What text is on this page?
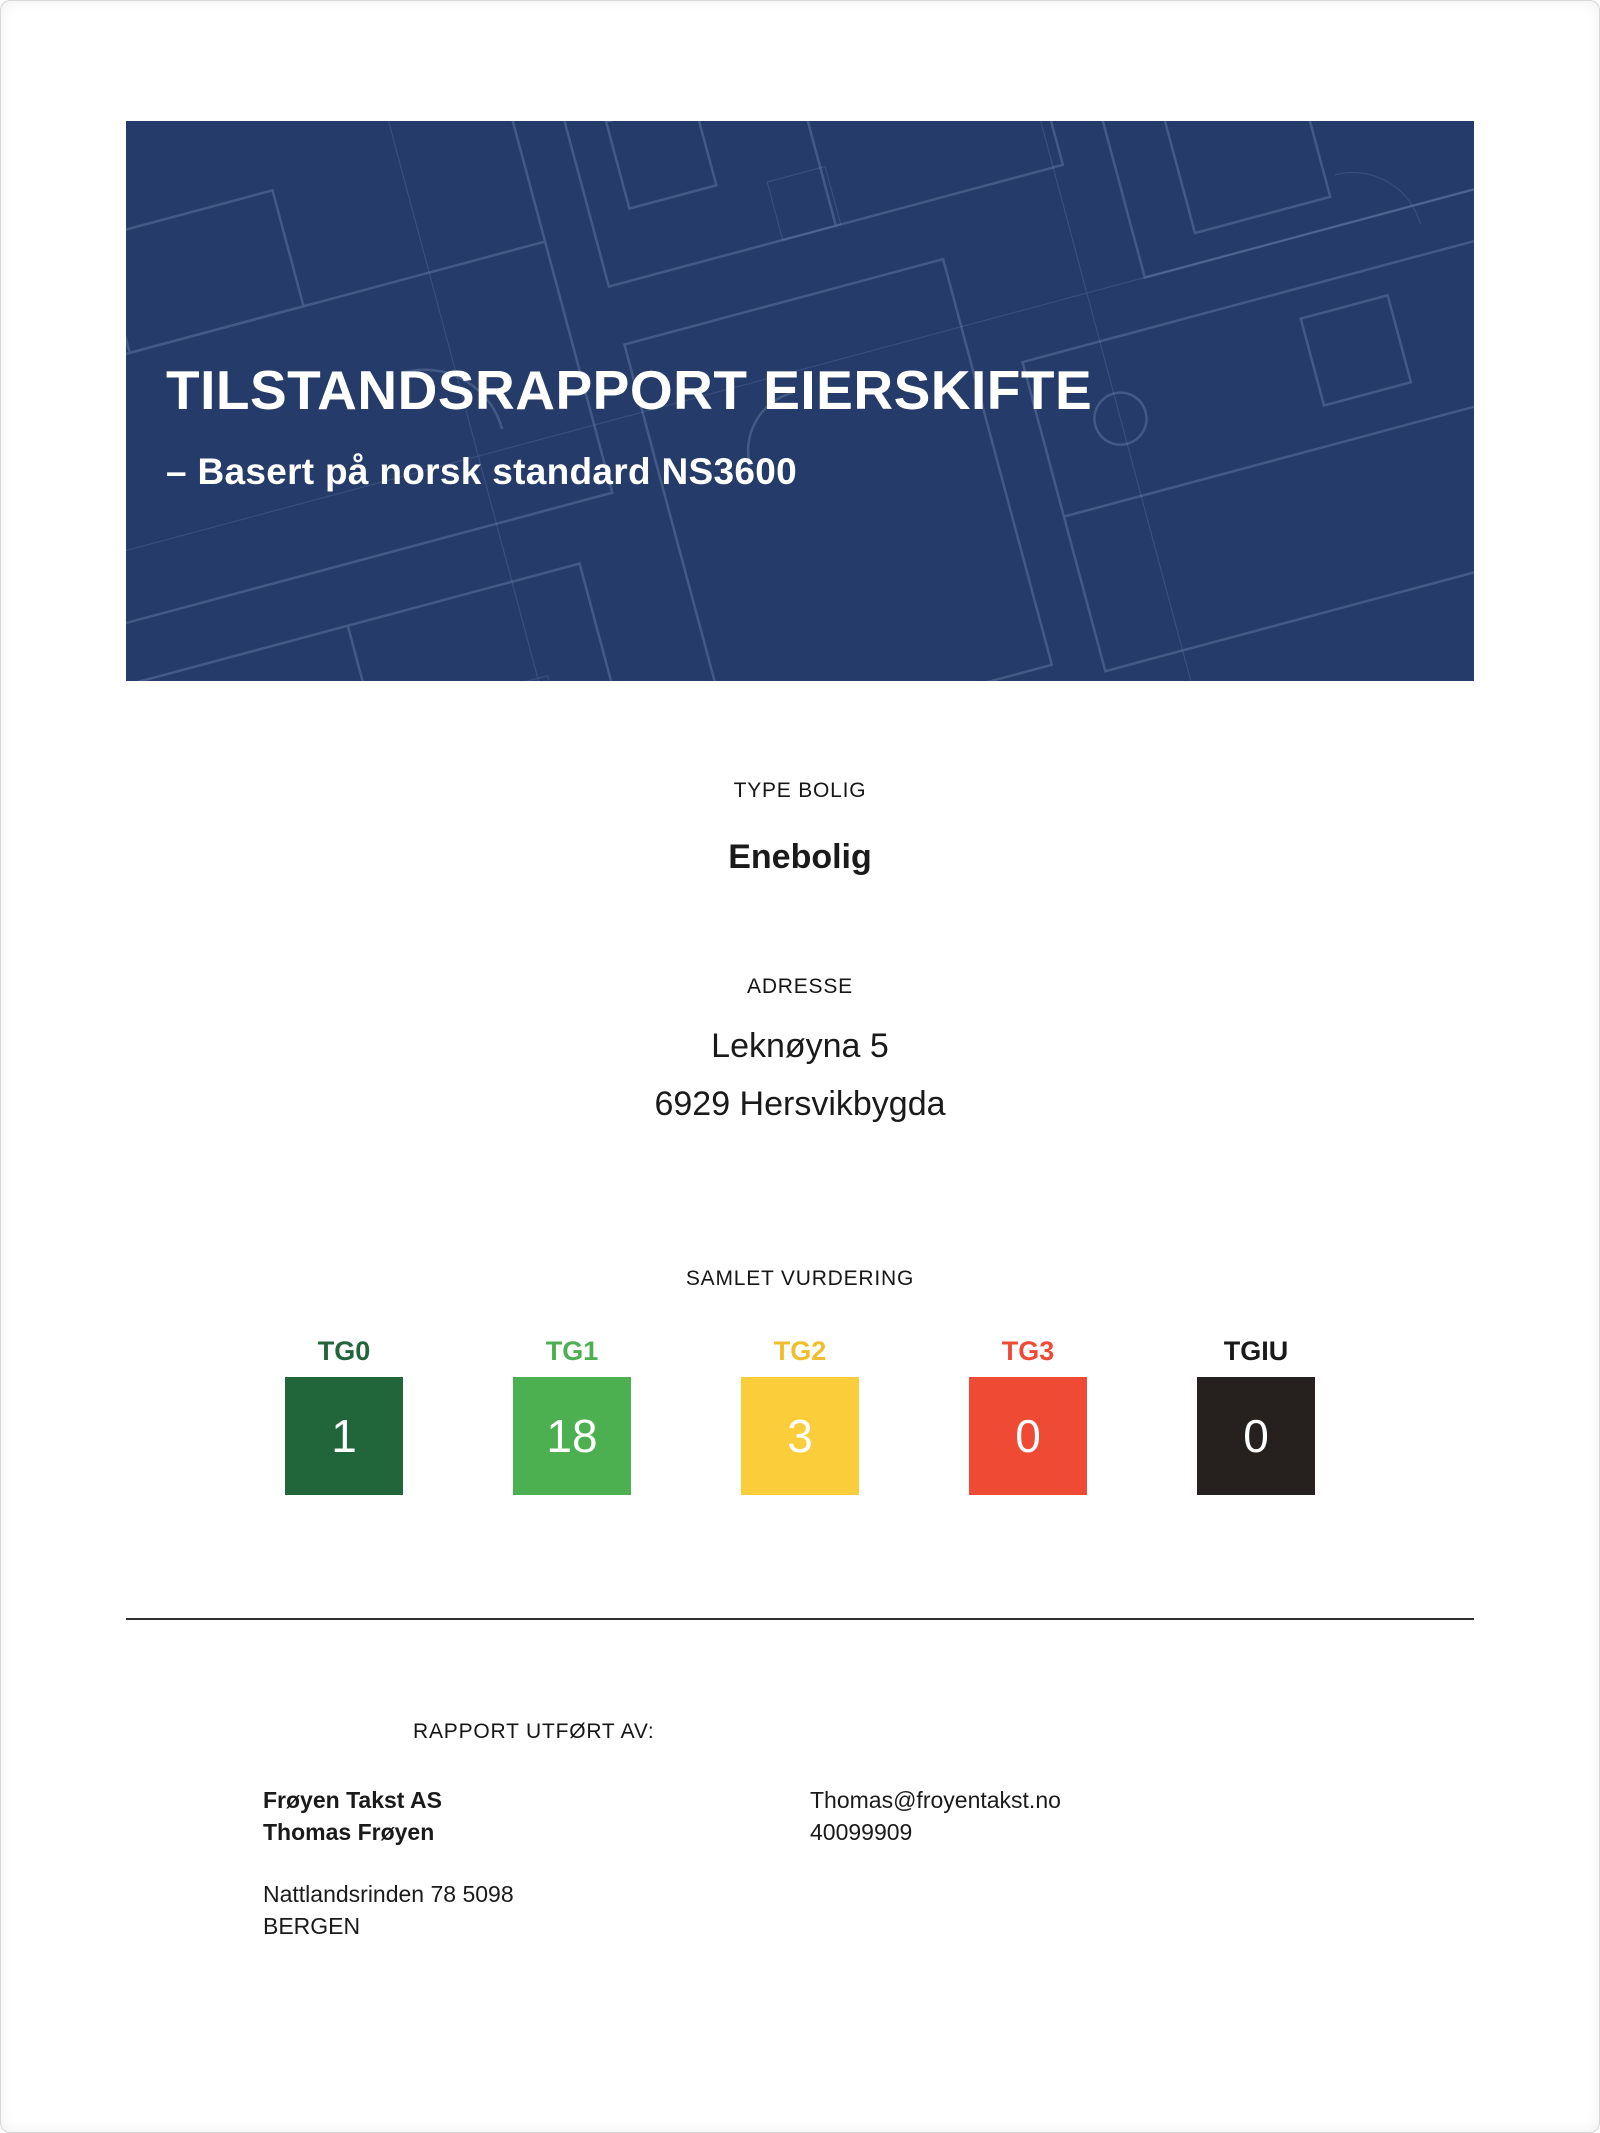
TILSTANDSRAPPORT EIERSKIFTE
– Basert på norsk standard NS3600
TYPE BOLIG
Enebolig
ADRESSE
Leknøyna 5
6929 Hersvikbygda
SAMLET VURDERING
TG0
1
TG1
18
TG2
3
TG3
0
TGIU
0
RAPPORT UTFØRT AV:
Frøyen Takst AS
Thomas Frøyen
Nattlandsrinden 78 5098
BERGEN
Thomas@froyentakst.no
40099909
